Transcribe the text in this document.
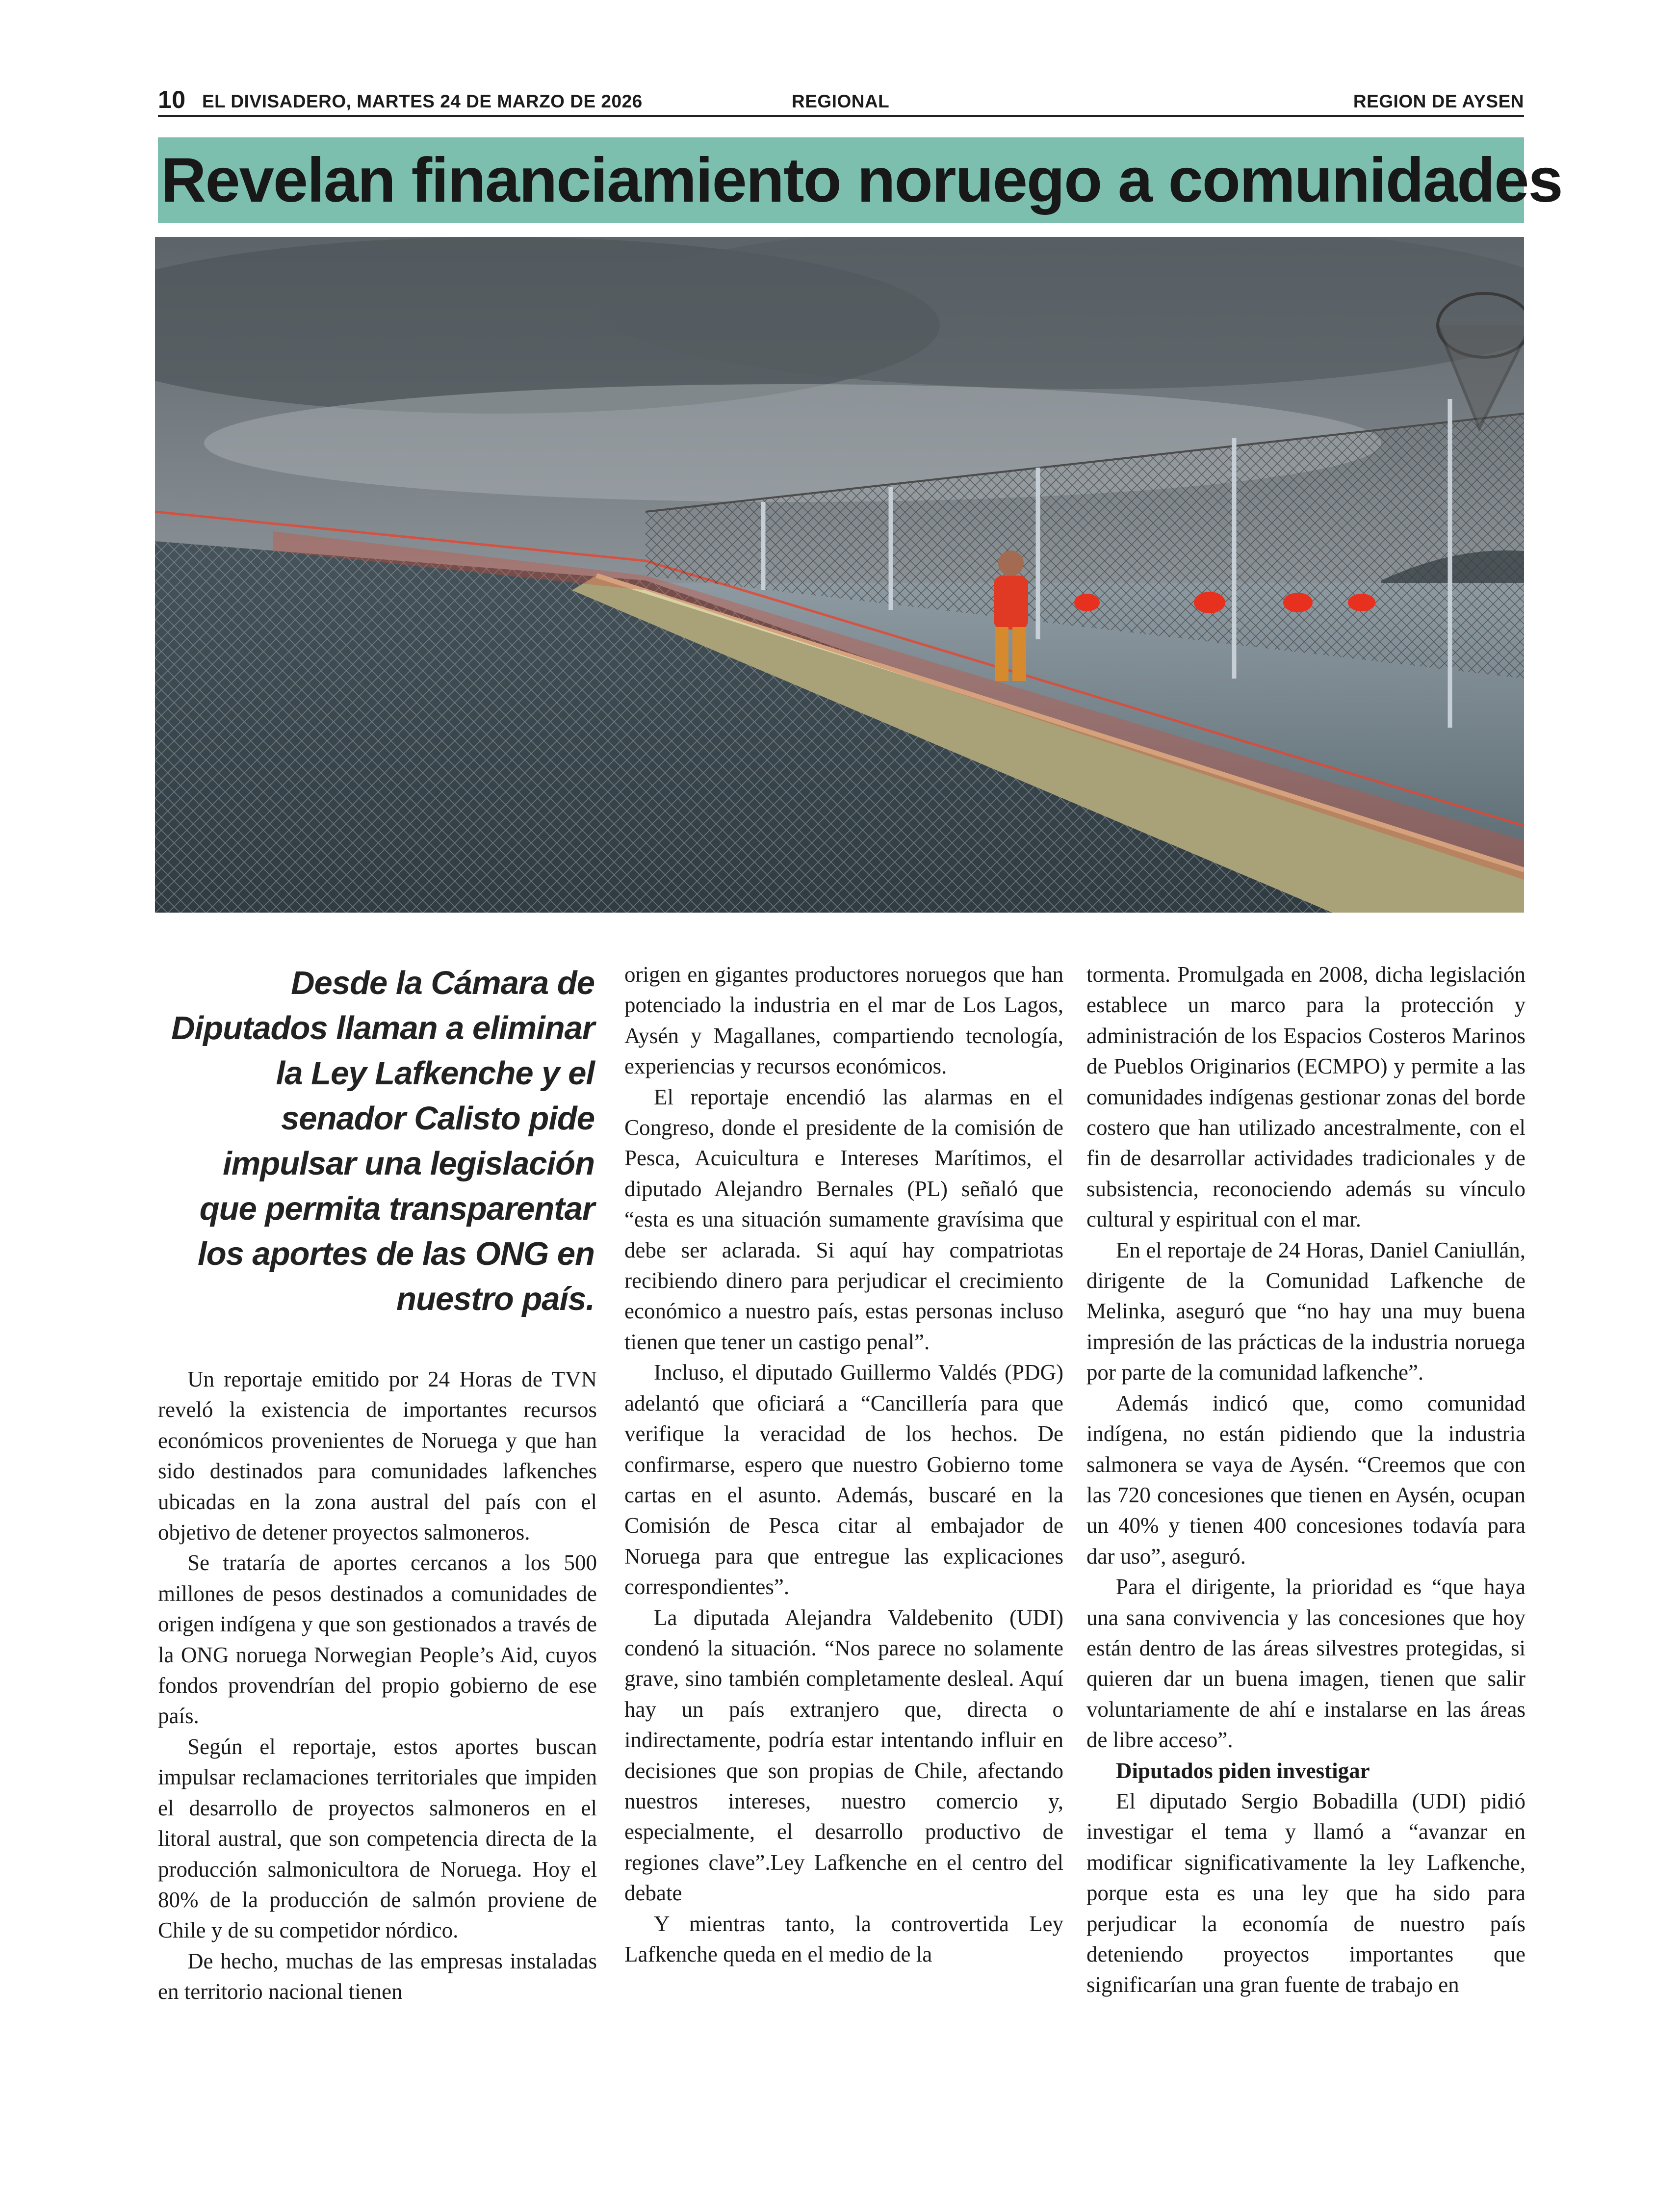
10 EL DIVISADERO, MARTES 24 DE MARZO DE 2026	REGIONAL	REGION DE AYSEN
Revelan financiamiento noruego a comunidades
Desde la Cámara de Diputados llaman a eliminar la Ley Lafkenche y el senador Calisto pide impulsar una legislación que permita transparentar los aportes de las ONG en nuestro país.

Un reportaje emitido por 24 Horas de TVN reveló la existencia de importantes recursos económicos provenientes de Noruega y que han sido destinados para comunidades lafkenches ubicadas en la zona austral del país con el objetivo de detener proyectos salmoneros.

Se trataría de aportes cercanos a los 500 millones de pesos destinados a comunidades de origen indígena y que son gestionados a través de la ONG noruega Norwegian People’s Aid, cuyos fondos provendrían del propio gobierno de ese país.

Según el reportaje, estos aportes buscan impulsar reclamaciones territoriales que impiden el desarrollo de proyectos salmoneros en el litoral austral, que son competencia directa de la producción salmonicultora de Noruega. Hoy el 80% de la producción de salmón proviene de Chile y de su competidor nórdico.

De hecho, muchas de las empresas instaladas en territorio nacional tienen

origen en gigantes productores noruegos que han potenciado la industria en el mar de Los Lagos, Aysén y Magallanes, compartiendo tecnología, experiencias y recursos económicos.

El reportaje encendió las alarmas en el Congreso, donde el presidente de la comisión de Pesca, Acuicultura e Intereses Marítimos, el diputado Alejandro Bernales (PL) señaló que “esta es una situación sumamente gravísima que debe ser aclarada. Si aquí hay compatriotas recibiendo dinero para perjudicar el crecimiento económico a nuestro país, estas personas incluso tienen que tener un castigo penal”.

Incluso, el diputado Guillermo Valdés (PDG) adelantó que oficiará a “Cancillería para que verifique la veracidad de los hechos. De confirmarse, espero que nuestro Gobierno tome cartas en el asunto. Además, buscaré en la Comisión de Pesca citar al embajador de Noruega para que entregue las explicaciones correspondientes”.

La diputada Alejandra Valdebenito (UDI) condenó la situación. “Nos parece no solamente grave, sino también completamente desleal. Aquí hay un país extranjero que, directa o indirectamente, podría estar intentando influir en decisiones que son propias de Chile, afectando nuestros intereses, nuestro comercio y, especialmente, el desarrollo productivo de regiones clave”.Ley Lafkenche en el centro del debate

Y mientras tanto, la controvertida Ley Lafkenche queda en el medio de la

tormenta. Promulgada en 2008, dicha legislación establece un marco para la protección y administración de los Espacios Costeros Marinos de Pueblos Originarios (ECMPO) y permite a las comunidades indígenas gestionar zonas del borde costero que han utilizado ancestralmente, con el fin de desarrollar actividades tradicionales y de subsistencia, reconociendo además su vínculo cultural y espiritual con el mar.

En el reportaje de 24 Horas, Daniel Caniullán, dirigente de la Comunidad Lafkenche de Melinka, aseguró que “no hay una muy buena impresión de las prácticas de la industria noruega por parte de la comunidad lafkenche”.

Además indicó que, como comunidad indígena, no están pidiendo que la industria salmonera se vaya de Aysén. “Creemos que con las 720 concesiones que tienen en Aysén, ocupan un 40% y tienen 400 concesiones todavía para dar uso”, aseguró.

Para el dirigente, la prioridad es “que haya una sana convivencia y las concesiones que hoy están dentro de las áreas silvestres protegidas, si quieren dar un buena imagen, tienen que salir voluntariamente de ahí e instalarse en las áreas de libre acceso”.

Diputados piden investigar

El diputado Sergio Bobadilla (UDI) pidió investigar el tema y llamó a “avanzar en modificar significativamente la ley Lafkenche, porque esta es una ley que ha sido para perjudicar la economía de nuestro país deteniendo proyectos importantes que significarían una gran fuente de trabajo en
